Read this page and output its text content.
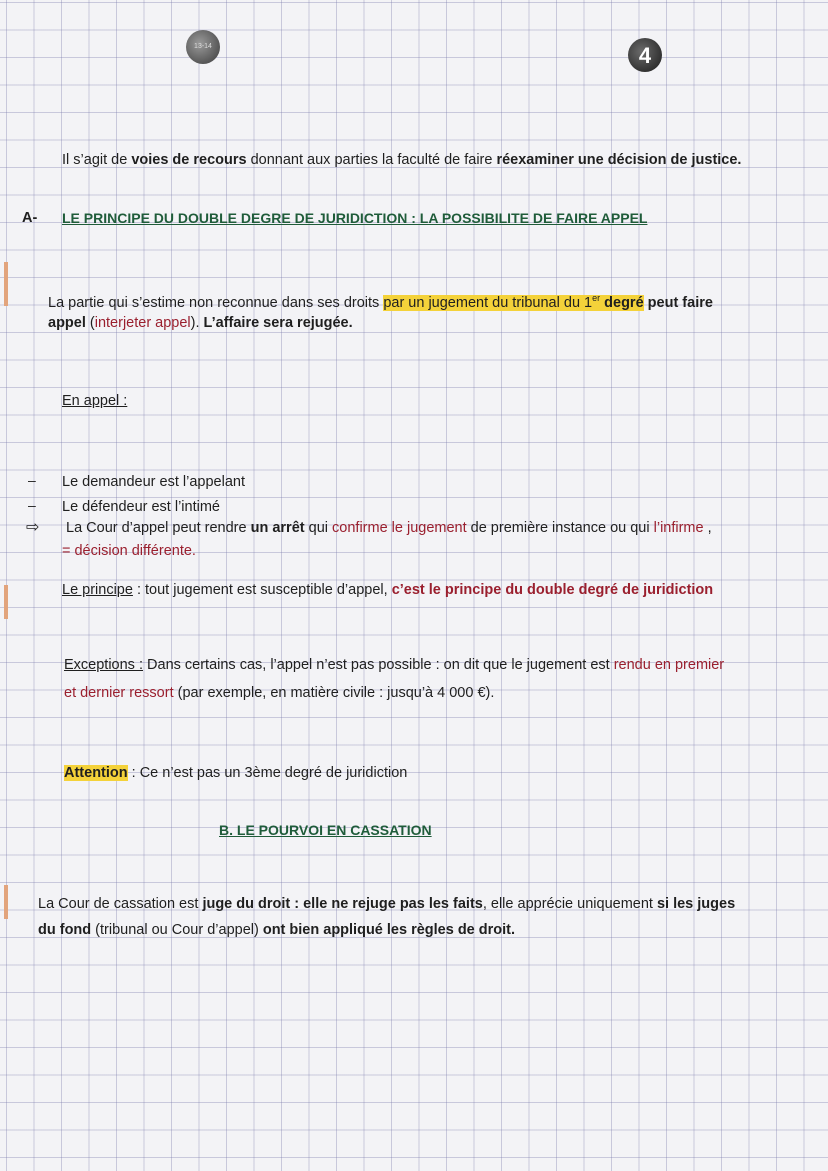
13-14	4
Il s’agit de voies de recours donnant aux parties la faculté de faire réexaminer une décision de justice.
A- LE PRINCIPE DU DOUBLE DEGRE DE JURIDICTION : LA POSSIBILITE DE FAIRE APPEL
La partie qui s’estime non reconnue dans ses droits par un jugement du tribunal du 1er degré peut faire
appel (interjeter appel). L’affaire sera rejugée.
En appel :
– Le demandeur est l’appelant
– Le défendeur est l’intimé
⇨ La Cour d’appel peut rendre un arrêt qui confirme le jugement de première instance ou qui l’infirme ,
= décision différente.
Le principe : tout jugement est susceptible d’appel, c’est le principe du double degré de juridiction
Exceptions : Dans certains cas, l’appel n’est pas possible : on dit que le jugement est rendu en premier
et dernier ressort (par exemple, en matière civile : jusqu’à 4 000 €).
Attention : Ce n’est pas un 3ème degré de juridiction
B. LE POURVOI EN CASSATION
La Cour de cassation est juge du droit : elle ne rejuge pas les faits, elle apprécie uniquement si les juges
du fond (tribunal ou Cour d’appel) ont bien appliqué les règles de droit.
